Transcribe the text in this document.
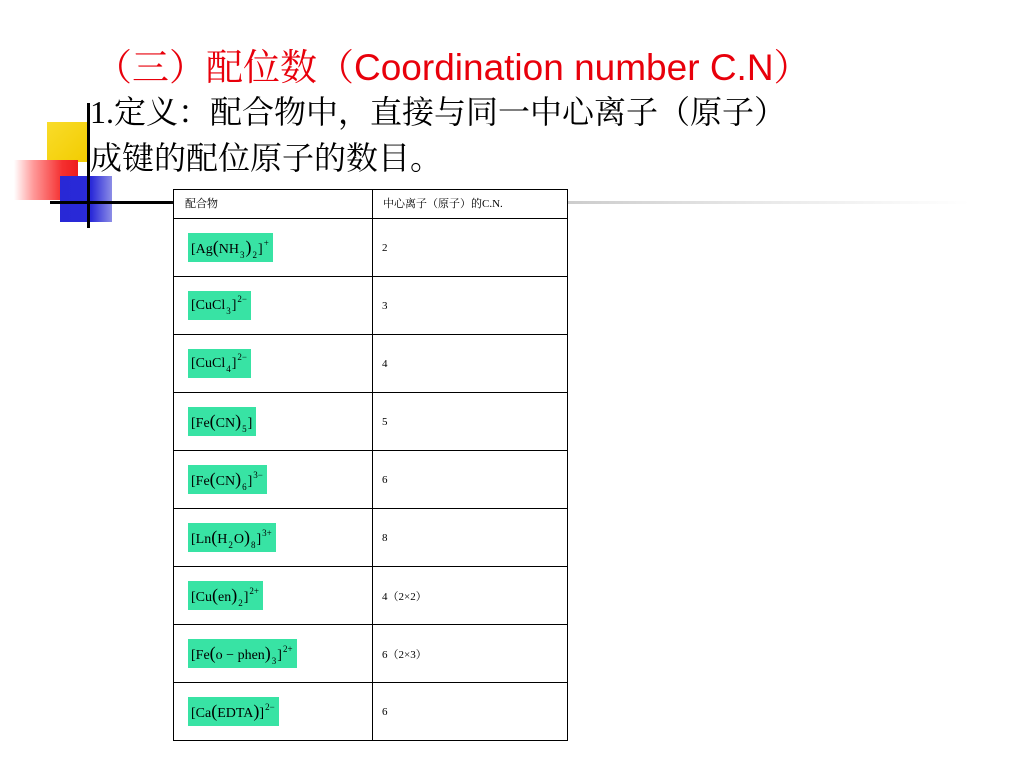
（三）配位数（Coordination number C.N）
1.定义：配合物中，直接与同一中心离子（原子）
成键的配位原子的数目。
配合物	中心离子（原子）的C.N.
$[Ag(NH_3)_2]^+$	2
[CuCl$_3$]$^{2-}$	3
[CuCl$_4$]$^{2-}$	4
$[Fe(CN)_5]$	5
$[Fe(CN)_6]^{3-}$	6
$[Ln(H_2O)_8]^{3+}$	8
$[Cu(en)_2]^{2+}$	4（2×2）
$[Fe(o - phen)_3]^{2+}$	6（2×3）
[Ca(EDTA)]$^{2-}$	6
